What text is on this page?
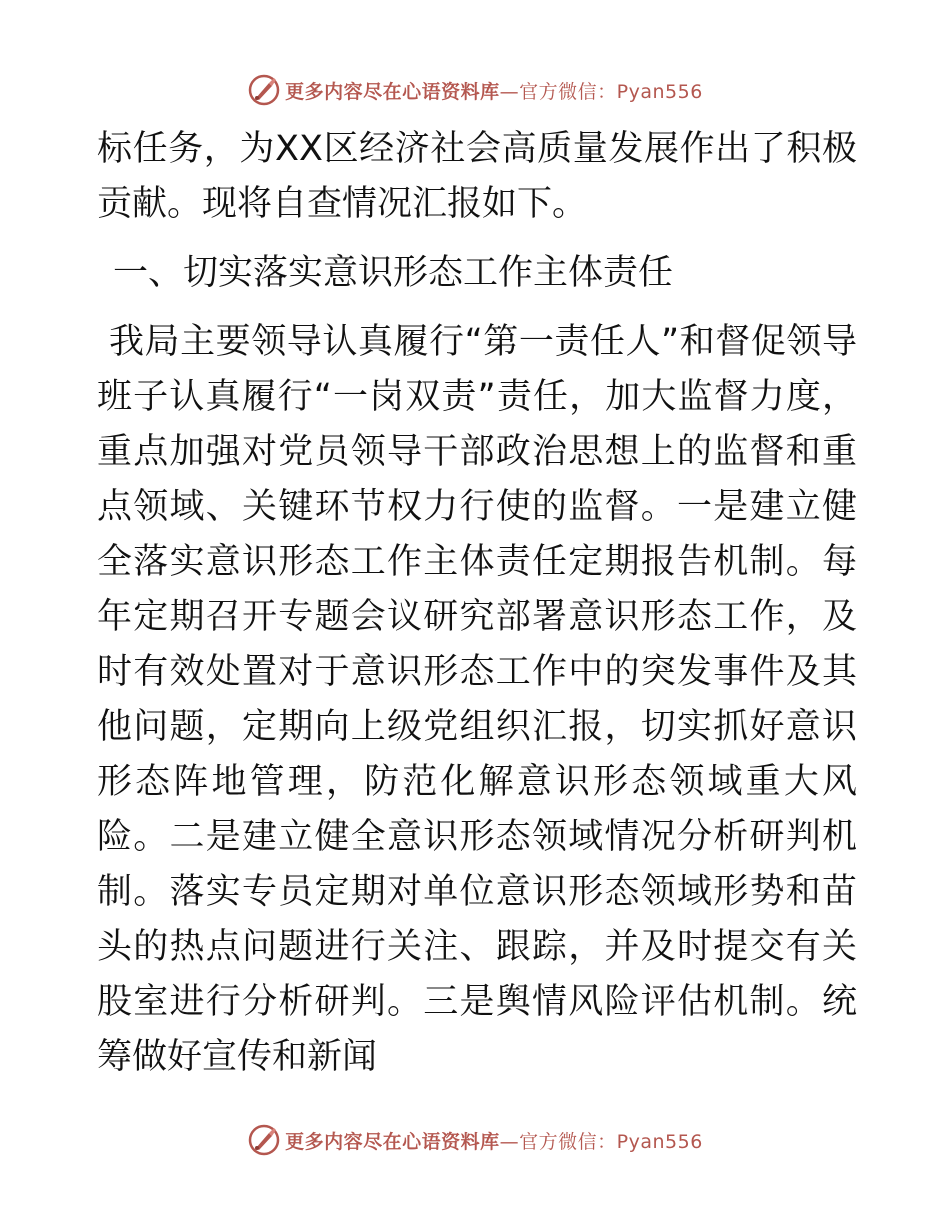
更多内容尽在心语资料库 —官方微信：Pyan556

标任务，为XX区经济社会高质量发展作出了积极贡献。现将自查情况汇报如下。

一、切实落实意识形态工作主体责任

我局主要领导认真履行“第一责任人”和督促领导班子认真履行“一岗双责”责任，加大监督力度，重点加强对党员领导干部政治思想上的监督和重点领域、关键环节权力行使的监督。一是建立健全落实意识形态工作主体责任定期报告机制。每年定期召开专题会议研究部署意识形态工作，及时有效处置对于意识形态工作中的突发事件及其他问题，定期向上级党组织汇报，切实抓好意识形态阵地管理，防范化解意识形态领域重大风险。二是建立健全意识形态领域情况分析研判机制。落实专员定期对单位意识形态领域形势和苗头的热点问题进行关注、跟踪，并及时提交有关股室进行分析研判。三是舆情风险评估机制。统筹做好宣传和新闻

更多内容尽在心语资料库 —官方微信：Pyan556
